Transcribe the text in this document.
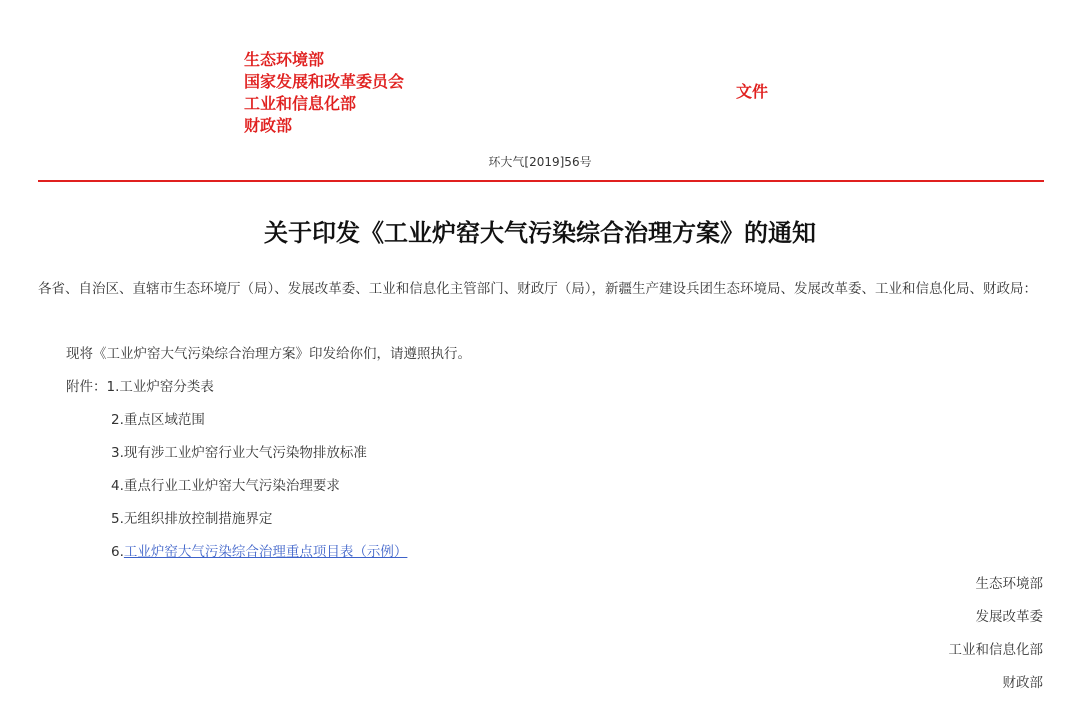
生态环境部
国家发展和改革委员会
工业和信息化部
财政部
文件
环大气[2019]56号
关于印发《工业炉窑大气污染综合治理方案》的通知
各省、自治区、直辖市生态环境厅（局）、发展改革委、工业和信息化主管部门、财政厅（局），新疆生产建设兵团生态环境局、发展改革委、工业和信息化局、财政局：
现将《工业炉窑大气污染综合治理方案》印发给你们，请遵照执行。
附件：1.工业炉窑分类表
2.重点区域范围
3.现有涉工业炉窑行业大气污染物排放标准
4.重点行业工业炉窑大气污染治理要求
5.无组织排放控制措施界定
6.工业炉窑大气污染综合治理重点项目表（示例）
生态环境部
发展改革委
工业和信息化部
财政部
